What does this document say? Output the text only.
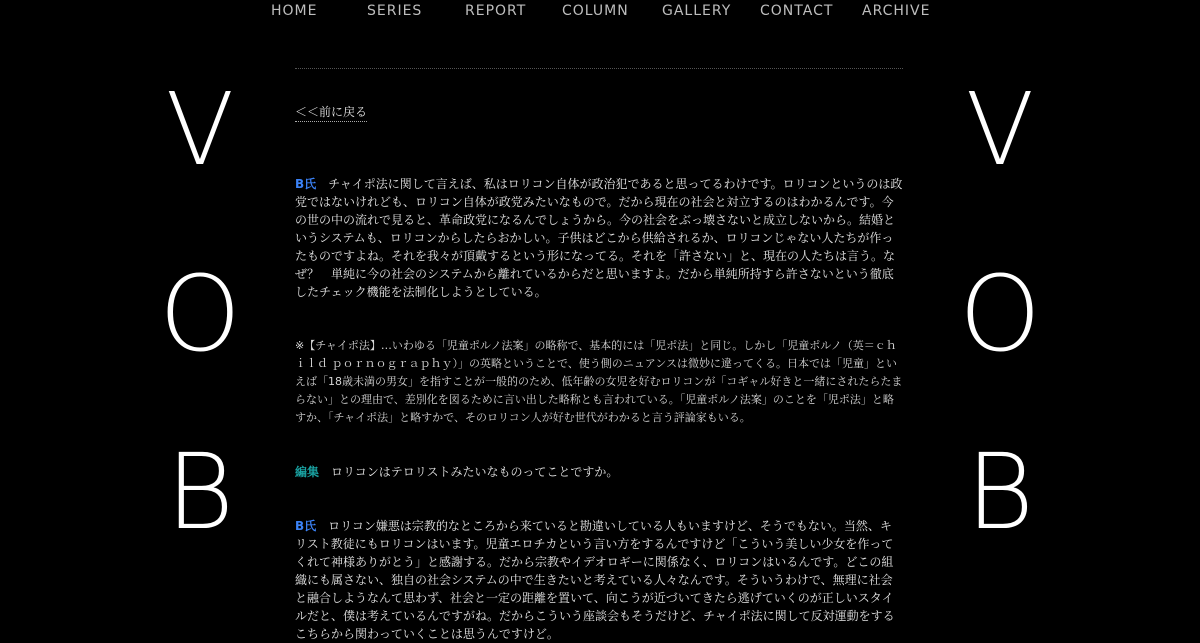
HOME	SERIES	REPORT	COLUMN GALLERY CONTACT ARCHIVE
V
O
B
V
O
B
＜＜前に戻る

B氏 チャイポ法に関して言えば、私はロリコン自体が政治犯であると思ってるわけです。ロリコンというのは政党ではないけれども、ロリコン自体が政党みたいなもので。だから現在の社会と対立するのはわかるんです。今の世の中の流れで見ると、革命政党になるんでしょうから。今の社会をぶっ壊さないと成立しないから。結婚というシステムも、ロリコンからしたらおかしい。子供はどこから供給されるか、ロリコンじゃない人たちが作ったものですよね。それを我々が頂戴するという形になってる。それを「許さない」と、現在の人たちは言う。なぜ？　単純に今の社会のシステムから離れているからだと思いますよ。だから単純所持すら許さないという徹底したチェック機能を法制化しようとしている。

※【チャイポ法】…いわゆる「児童ポルノ法案」の略称で、基本的には「児ポ法」と同じ。しかし「児童ポルノ（英＝ｃｈｉｌｄ ｐｏｒｎｏｇｒａｐｈｙ）」の英略ということで、使う側のニュアンスは微妙に違ってくる。日本では「児童」といえば「18歳未満の男女」を指すことが一般的のため、低年齢の女児を好むロリコンが「コギャル好きと一緒にされたらたまらない」との理由で、差別化を図るために言い出した略称とも言われている。「児童ポルノ法案」のことを「児ポ法」と略すか、「チャイポ法」と略すかで、そのロリコン人が好む世代がわかると言う評論家もいる。

編集 ロリコンはテロリストみたいなものってことですか。

B氏 ロリコン嫌悪は宗教的なところから来ていると勘違いしている人もいますけど、そうでもない。当然、キリスト教徒にもロリコンはいます。児童エロチカという言い方をするんですけど「こういう美しい少女を作ってくれて神様ありがとう」と感謝する。だから宗教やイデオロギーに関係なく、ロリコンはいるんです。どこの組織にも属さない、独自の社会システムの中で生きたいと考えている人々なんです。そういうわけで、無理に社会と融合しようなんて思わず、社会と一定の距離を置いて、向こうが近づいてきたら逃げていくのが正しいスタイルだと、僕は考えているんですがね。だからこういう座談会もそうだけど、チャイポ法に関して反対運動をするこちらから関わっていくことは思うんですけど。
